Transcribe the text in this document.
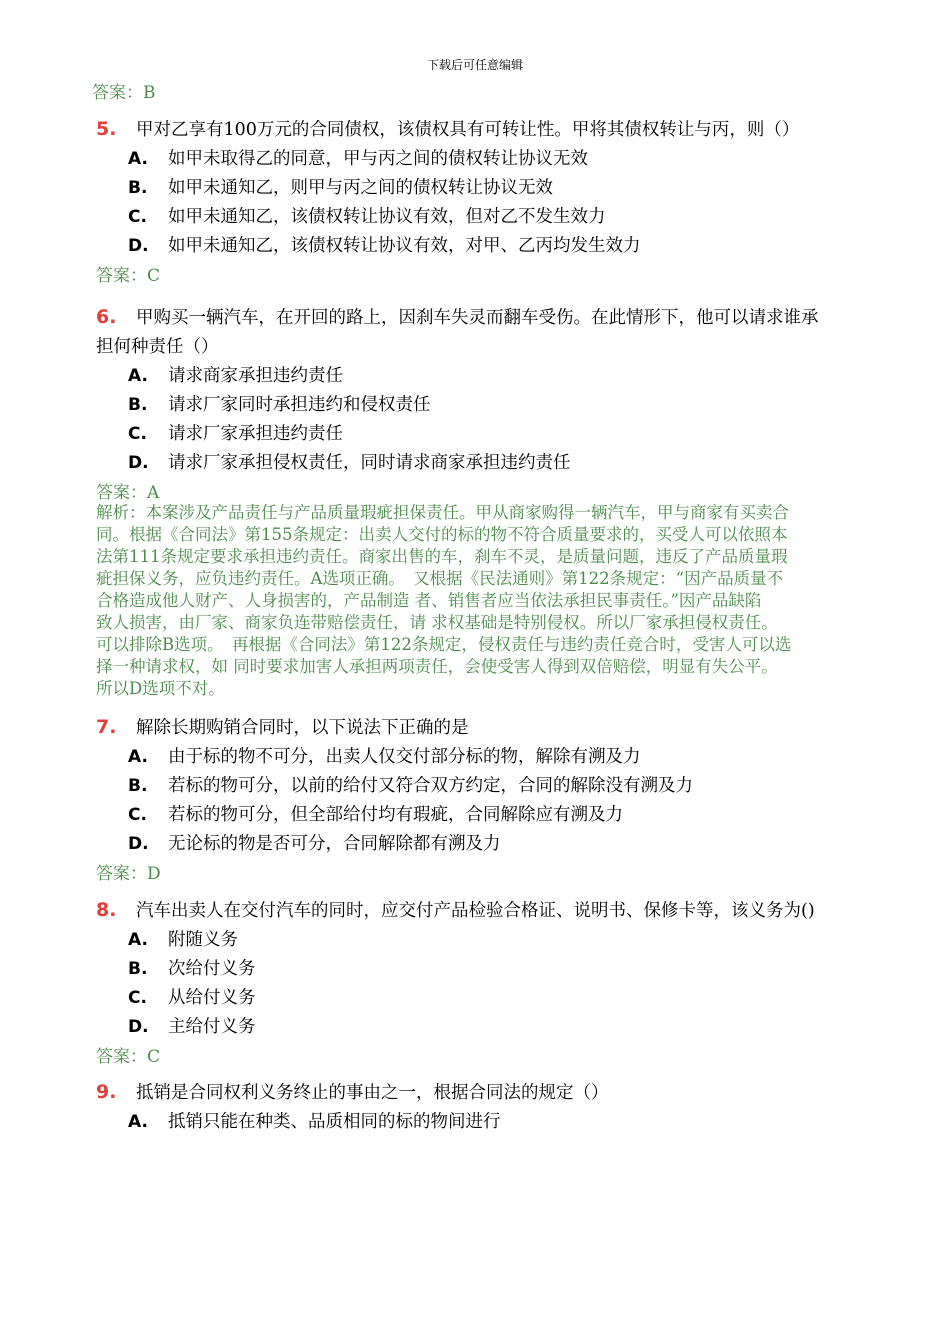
下载后可任意编辑
答案：B
5. 甲对乙享有100万元的合同债权，该债权具有可转让性。甲将其债权转让与丙，则（）
A. 如甲未取得乙的同意，甲与丙之间的债权转让协议无效
B. 如甲未通知乙，则甲与丙之间的债权转让协议无效
C. 如甲未通知乙，该债权转让协议有效，但对乙不发生效力
D. 如甲未通知乙，该债权转让协议有效，对甲、乙丙均发生效力
答案：C
6. 甲购买一辆汽车，在开回的路上，因刹车失灵而翻车受伤。在此情形下，他可以请求谁承
担何种责任（）
A. 请求商家承担违约责任
B. 请求厂家同时承担违约和侵权责任
C. 请求厂家承担违约责任
D. 请求厂家承担侵权责任，同时请求商家承担违约责任
答案：A
解析：本案涉及产品责任与产品质量瑕疵担保责任。甲从商家购得一辆汽车，甲与商家有买卖合
同。根据《合同法》第155条规定：出卖人交付的标的物不符合质量要求的，买受人可以依照本
法第111条规定要求承担违约责任。商家出售的车，刹车不灵，是质量问题，违反了产品质量瑕
疵担保义务，应负违约责任。A选项正确。　又根据《民法通则》第122条规定：“因产品质量不
合格造成他人财产、人身损害的，产品制造 者、销售者应当依法承担民事责任。”因产品缺陷
致人损害，由厂家、商家负连带赔偿责任，请 求权基础是特别侵权。所以厂家承担侵权责任。
可以排除B选项。　再根据《合同法》第122条规定，侵权责任与违约责任竞合时，受害人可以选
择一种请求权，如 同时要求加害人承担两项责任，会使受害人得到双倍赔偿，明显有失公平。
所以D选项不对。
7. 解除长期购销合同时，以下说法下正确的是
A. 由于标的物不可分，出卖人仅交付部分标的物，解除有溯及力
B. 若标的物可分，以前的给付又符合双方约定，合同的解除没有溯及力
C. 若标的物可分，但全部给付均有瑕疵，合同解除应有溯及力
D. 无论标的物是否可分，合同解除都有溯及力
答案：D
8. 汽车出卖人在交付汽车的同时，应交付产品检验合格证、说明书、保修卡等，该义务为()
A. 附随义务
B. 次给付义务
C. 从给付义务
D. 主给付义务
答案：C
9. 抵销是合同权利义务终止的事由之一，根据合同法的规定（）
A. 抵销只能在种类、品质相同的标的物间进行
